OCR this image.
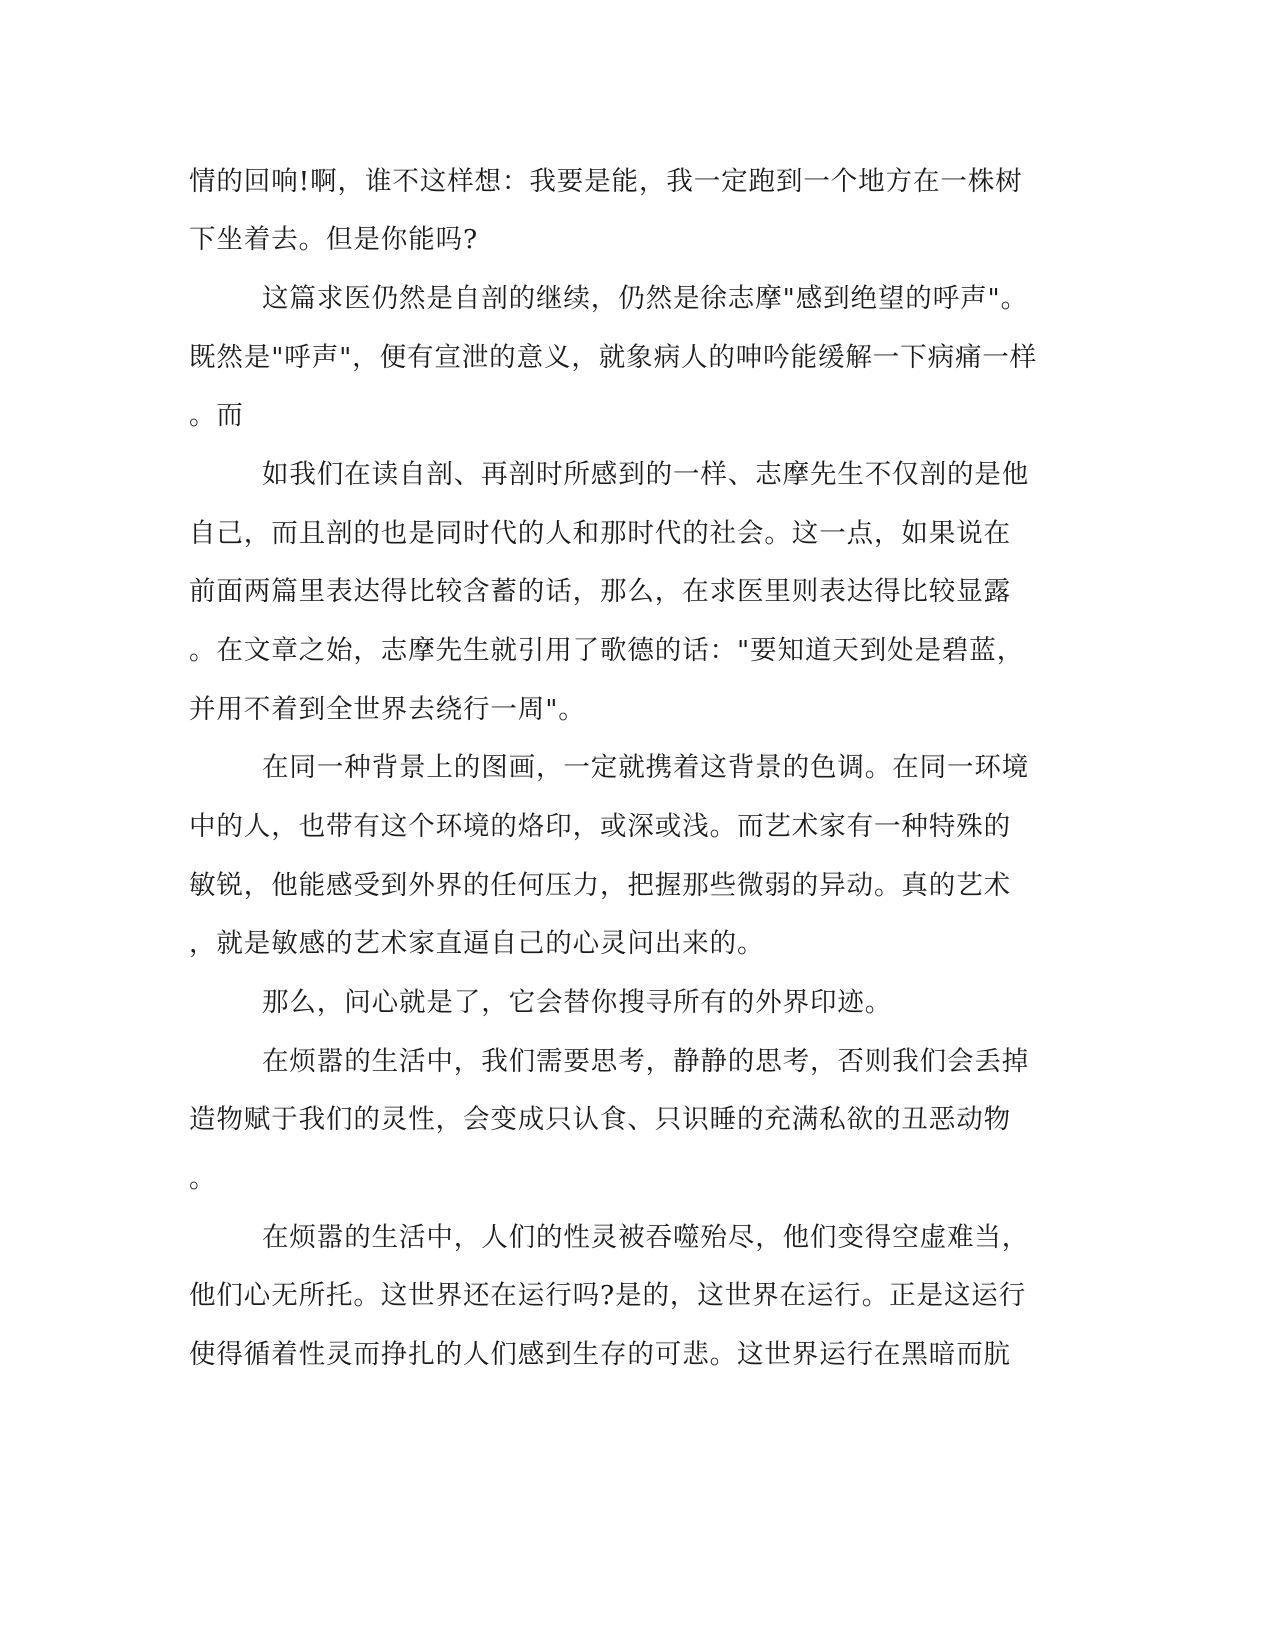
情的回响!啊，谁不这样想：我要是能，我一定跑到一个地方在一株树
下坐着去。但是你能吗?
这篇求医仍然是自剖的继续，仍然是徐志摩"感到绝望的呼声"。
既然是"呼声"，便有宣泄的意义，就象病人的呻吟能缓解一下病痛一样
。而
如我们在读自剖、再剖时所感到的一样、志摩先生不仅剖的是他
自己，而且剖的也是同时代的人和那时代的社会。这一点，如果说在
前面两篇里表达得比较含蓄的话，那么，在求医里则表达得比较显露
。在文章之始，志摩先生就引用了歌德的话："要知道天到处是碧蓝，
并用不着到全世界去绕行一周"。
在同一种背景上的图画，一定就携着这背景的色调。在同一环境
中的人，也带有这个环境的烙印，或深或浅。而艺术家有一种特殊的
敏锐，他能感受到外界的任何压力，把握那些微弱的异动。真的艺术
，就是敏感的艺术家直逼自己的心灵问出来的。
那么，问心就是了，它会替你搜寻所有的外界印迹。
在烦嚣的生活中，我们需要思考，静静的思考，否则我们会丢掉
造物赋于我们的灵性，会变成只认食、只识睡的充满私欲的丑恶动物
。
在烦嚣的生活中，人们的性灵被吞噬殆尽，他们变得空虚难当，
他们心无所托。这世界还在运行吗?是的，这世界在运行。正是这运行
使得循着性灵而挣扎的人们感到生存的可悲。这世界运行在黑暗而肮
